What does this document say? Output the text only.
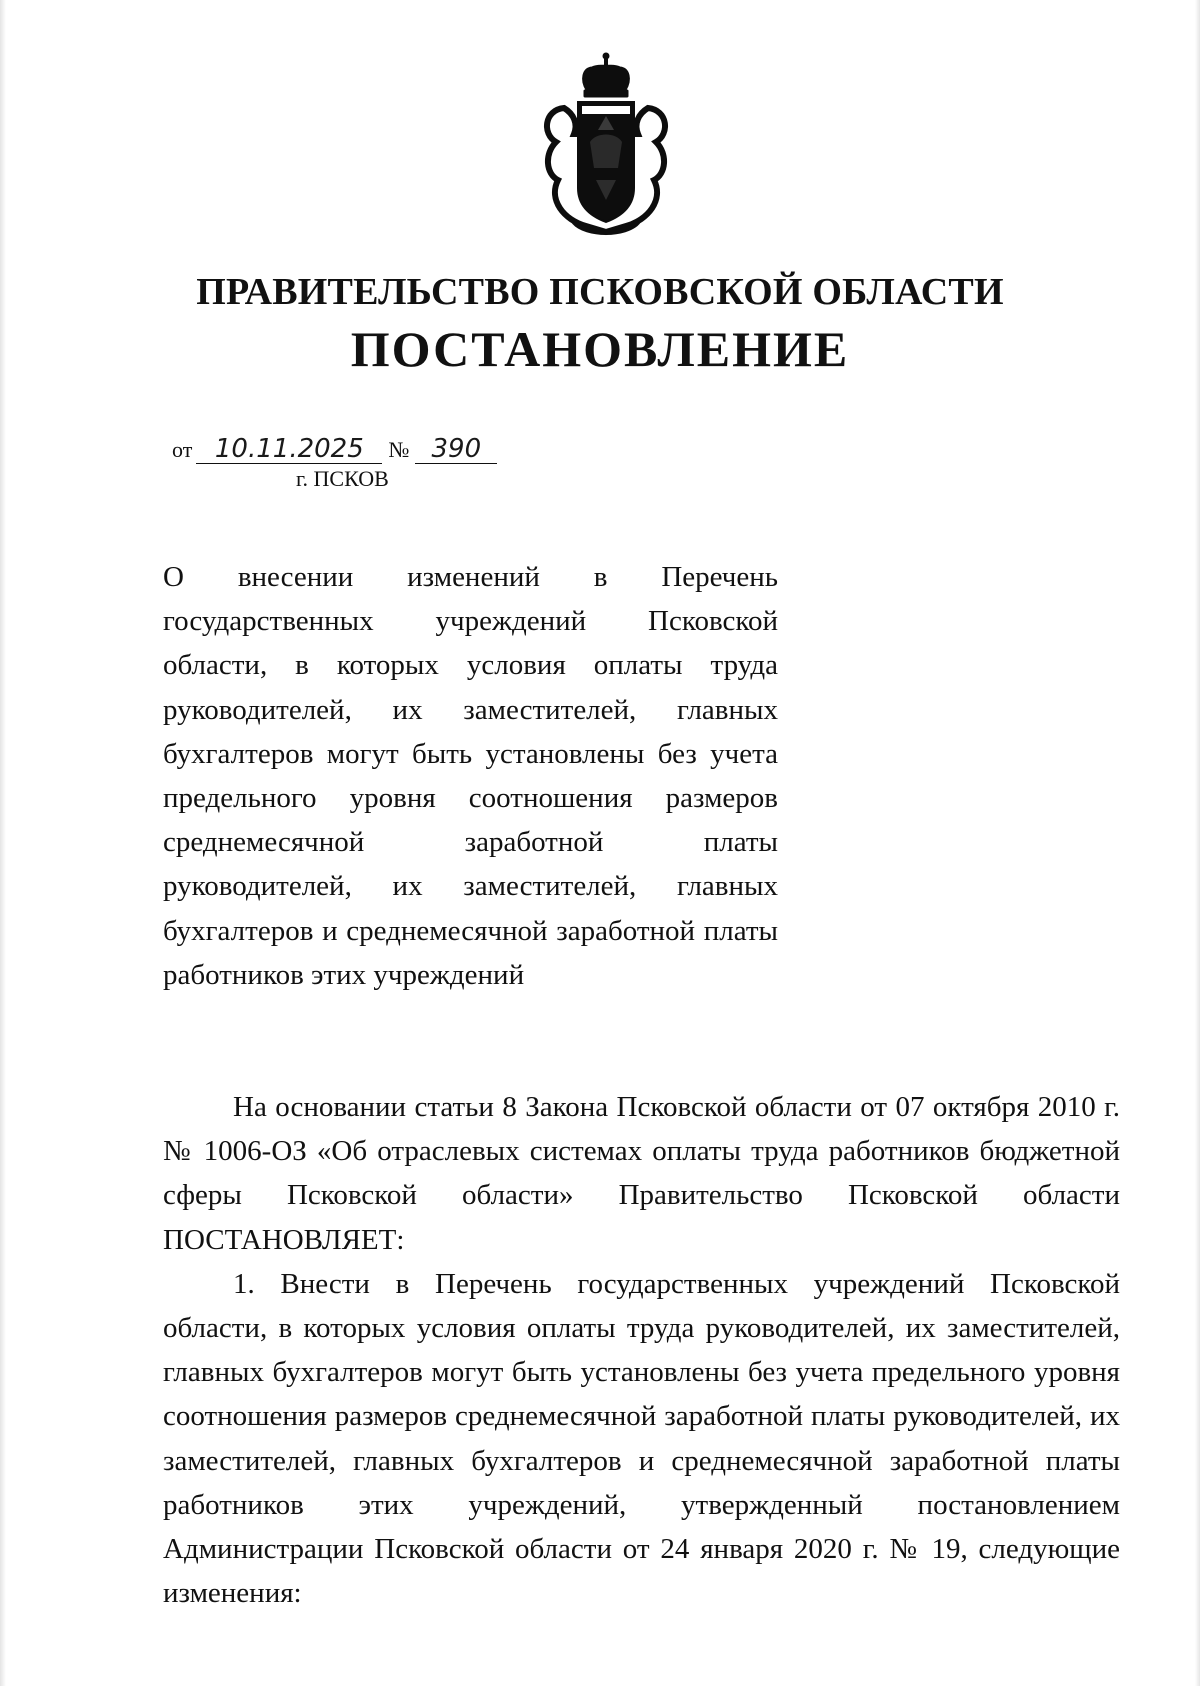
ПРАВИТЕЛЬСТВО ПСКОВСКОЙ ОБЛАСТИ
ПОСТАНОВЛЕНИЕ
от 10.11.2025 № 390
г. ПСКОВ
О внесении изменений в Перечень государственных учреждений Псковской области, в которых условия оплаты труда руководителей, их заместителей, главных бухгалтеров могут быть установлены без учета предельного уровня соотношения размеров среднемесячной заработной платы руководителей, их заместителей, главных бухгалтеров и среднемесячной заработной платы работников этих учреждений

На основании статьи 8 Закона Псковской области от 07 октября 2010 г. № 1006-ОЗ «Об отраслевых системах оплаты труда работников бюджетной сферы Псковской области» Правительство Псковской области ПОСТАНОВЛЯЕТ:

1. Внести в Перечень государственных учреждений Псковской области, в которых условия оплаты труда руководителей, их заместителей, главных бухгалтеров могут быть установлены без учета предельного уровня соотношения размеров среднемесячной заработной платы руководителей, их заместителей, главных бухгалтеров и среднемесячной заработной платы работников этих учреждений, утвержденный постановлением Администрации Псковской области от 24 января 2020 г. № 19, следующие изменения:
